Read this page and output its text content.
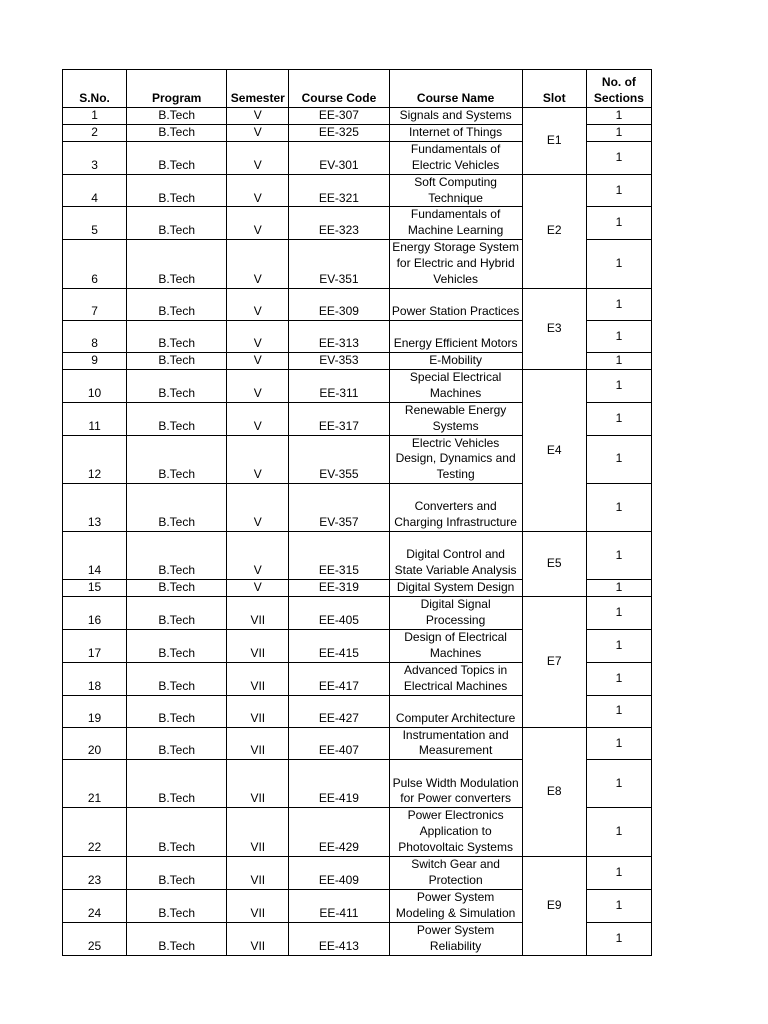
S.No.	Program	Semester	Course Code	Course Name	Slot	No. of Sections
1	B.Tech	V	EE-307	Signals and Systems	E1	1
2	B.Tech	V	EE-325	Internet of Things		1
3	B.Tech	V	EV-301	Fundamentals of Electric Vehicles		1
4	B.Tech	V	EE-321	Soft Computing Technique	E2	1
5	B.Tech	V	EE-323	Fundamentals of Machine Learning		1
6	B.Tech	V	EV-351	Energy Storage System for Electric and Hybrid Vehicles		1
7	B.Tech	V	EE-309	Power Station Practices	E3	1
8	B.Tech	V	EE-313	Energy Efficient Motors		1
9	B.Tech	V	EV-353	E-Mobility		1
10	B.Tech	V	EE-311	Special Electrical Machines	E4	1
11	B.Tech	V	EE-317	Renewable Energy Systems		1
12	B.Tech	V	EV-355	Electric Vehicles Design, Dynamics and Testing		1
13	B.Tech	V	EV-357	Converters and Charging Infrastructure		1
14	B.Tech	V	EE-315	Digital Control and State Variable Analysis	E5	1
15	B.Tech	V	EE-319	Digital System Design		1
16	B.Tech	VII	EE-405	Digital Signal Processing	E7	1
17	B.Tech	VII	EE-415	Design of Electrical Machines		1
18	B.Tech	VII	EE-417	Advanced Topics in Electrical Machines		1
19	B.Tech	VII	EE-427	Computer Architecture		1
20	B.Tech	VII	EE-407	Instrumentation and Measurement	E8	1
21	B.Tech	VII	EE-419	Pulse Width Modulation for Power converters		1
22	B.Tech	VII	EE-429	Power Electronics Application to Photovoltaic Systems		1
23	B.Tech	VII	EE-409	Switch Gear and Protection	E9	1
24	B.Tech	VII	EE-411	Power System Modeling & Simulation		1
25	B.Tech	VII	EE-413	Power System Reliability		1
